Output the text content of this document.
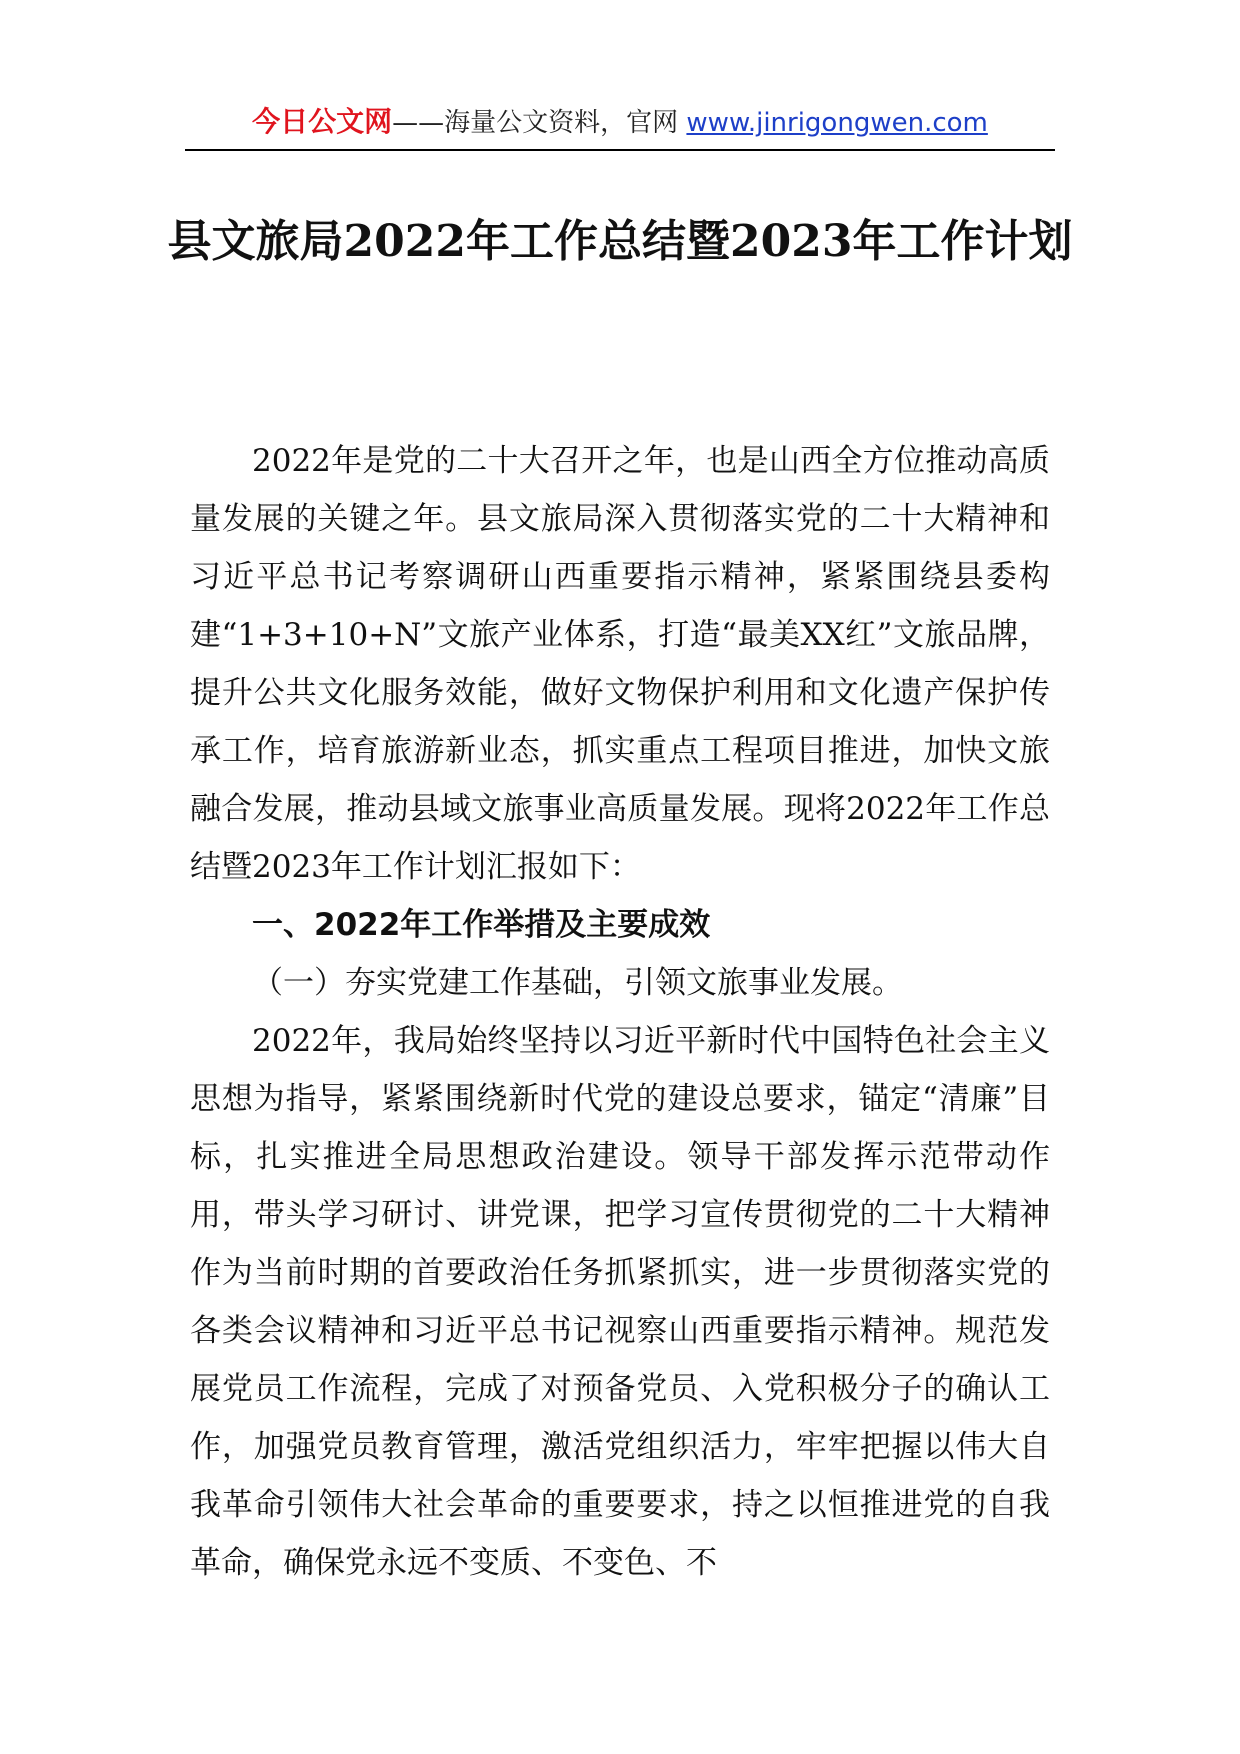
今日公文网——海量公文资料，官网 www.jinrigongwen.com
县文旅局2022年工作总结暨2023年工作计划

2022年是党的二十大召开之年，也是山西全方位推动高质量发展的关键之年。县文旅局深入贯彻落实党的二十大精神和习近平总书记考察调研山西重要指示精神，紧紧围绕县委构建“1+3+10+N”文旅产业体系，打造“最美XX红”文旅品牌，提升公共文化服务效能，做好文物保护利用和文化遗产保护传承工作，培育旅游新业态，抓实重点工程项目推进，加快文旅融合发展，推动县域文旅事业高质量发展。现将2022年工作总结暨2023年工作计划汇报如下：

一、2022年工作举措及主要成效
（一）夯实党建工作基础，引领文旅事业发展。

2022年，我局始终坚持以习近平新时代中国特色社会主义思想为指导，紧紧围绕新时代党的建设总要求，锚定“清廉”目标，扎实推进全局思想政治建设。领导干部发挥示范带动作用，带头学习研讨、讲党课，把学习宣传贯彻党的二十大精神作为当前时期的首要政治任务抓紧抓实，进一步贯彻落实党的各类会议精神和习近平总书记视察山西重要指示精神。规范发展党员工作流程，完成了对预备党员、入党积极分子的确认工作，加强党员教育管理，激活党组织活力，牢牢把握以伟大自我革命引领伟大社会革命的重要要求，持之以恒推进党的自我革命，确保党永远不变质、不变色、不
